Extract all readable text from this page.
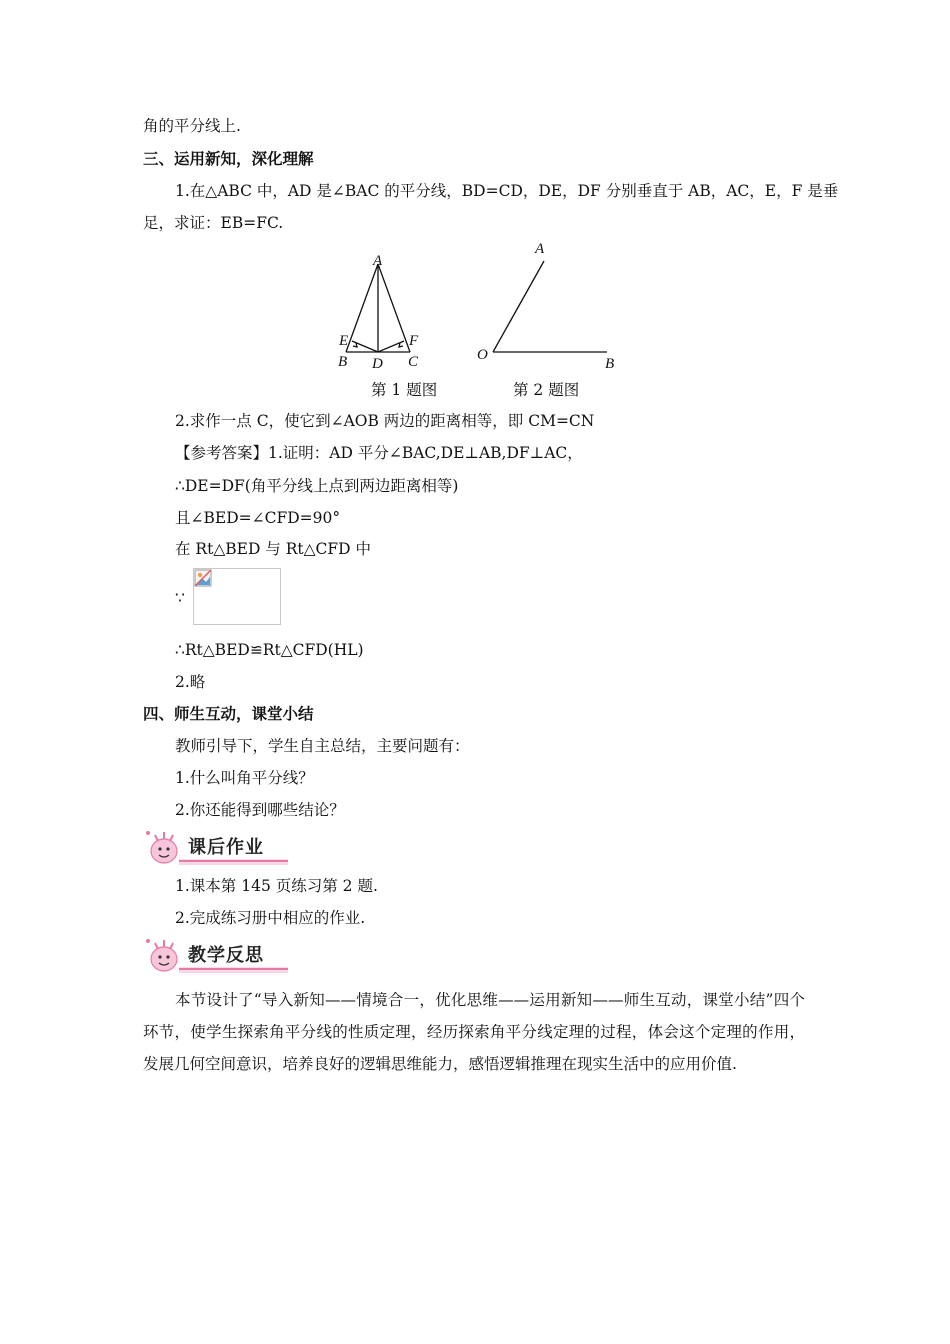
角的平分线上.
三、运用新知，深化理解
1.在△ABC 中，AD 是∠BAC 的平分线，BD=CD，DE，DF 分别垂直于 AB，AC，E，F 是垂
足，求证：EB=FC.
A
E	F
B D C
A
O
B
第 1 题图	第 2 题图
2.求作一点 C，使它到∠AOB 两边的距离相等，即 CM=CN
【参考答案】1.证明：AD 平分∠BAC,DE⊥AB,DF⊥AC，
∴DE=DF(角平分线上点到两边距离相等)
且∠BED=∠CFD=90°
在 Rt△BED 与 Rt△CFD 中
∵
∴Rt△BED≌Rt△CFD(HL)
2.略
四、师生互动，课堂小结
教师引导下，学生自主总结，主要问题有：
1.什么叫角平分线？
2.你还能得到哪些结论？
课后作业
1.课本第 145 页练习第 2 题.
2.完成练习册中相应的作业.
教学反思
本节设计了“导入新知——情境合一，优化思维——运用新知——师生互动，课堂小结”四个环节，使学生探索角平分线的性质定理，经历探索角平分线定理的过程，体会这个定理的作用，发展几何空间意识，培养良好的逻辑思维能力，感悟逻辑推理在现实生活中的应用价值.
